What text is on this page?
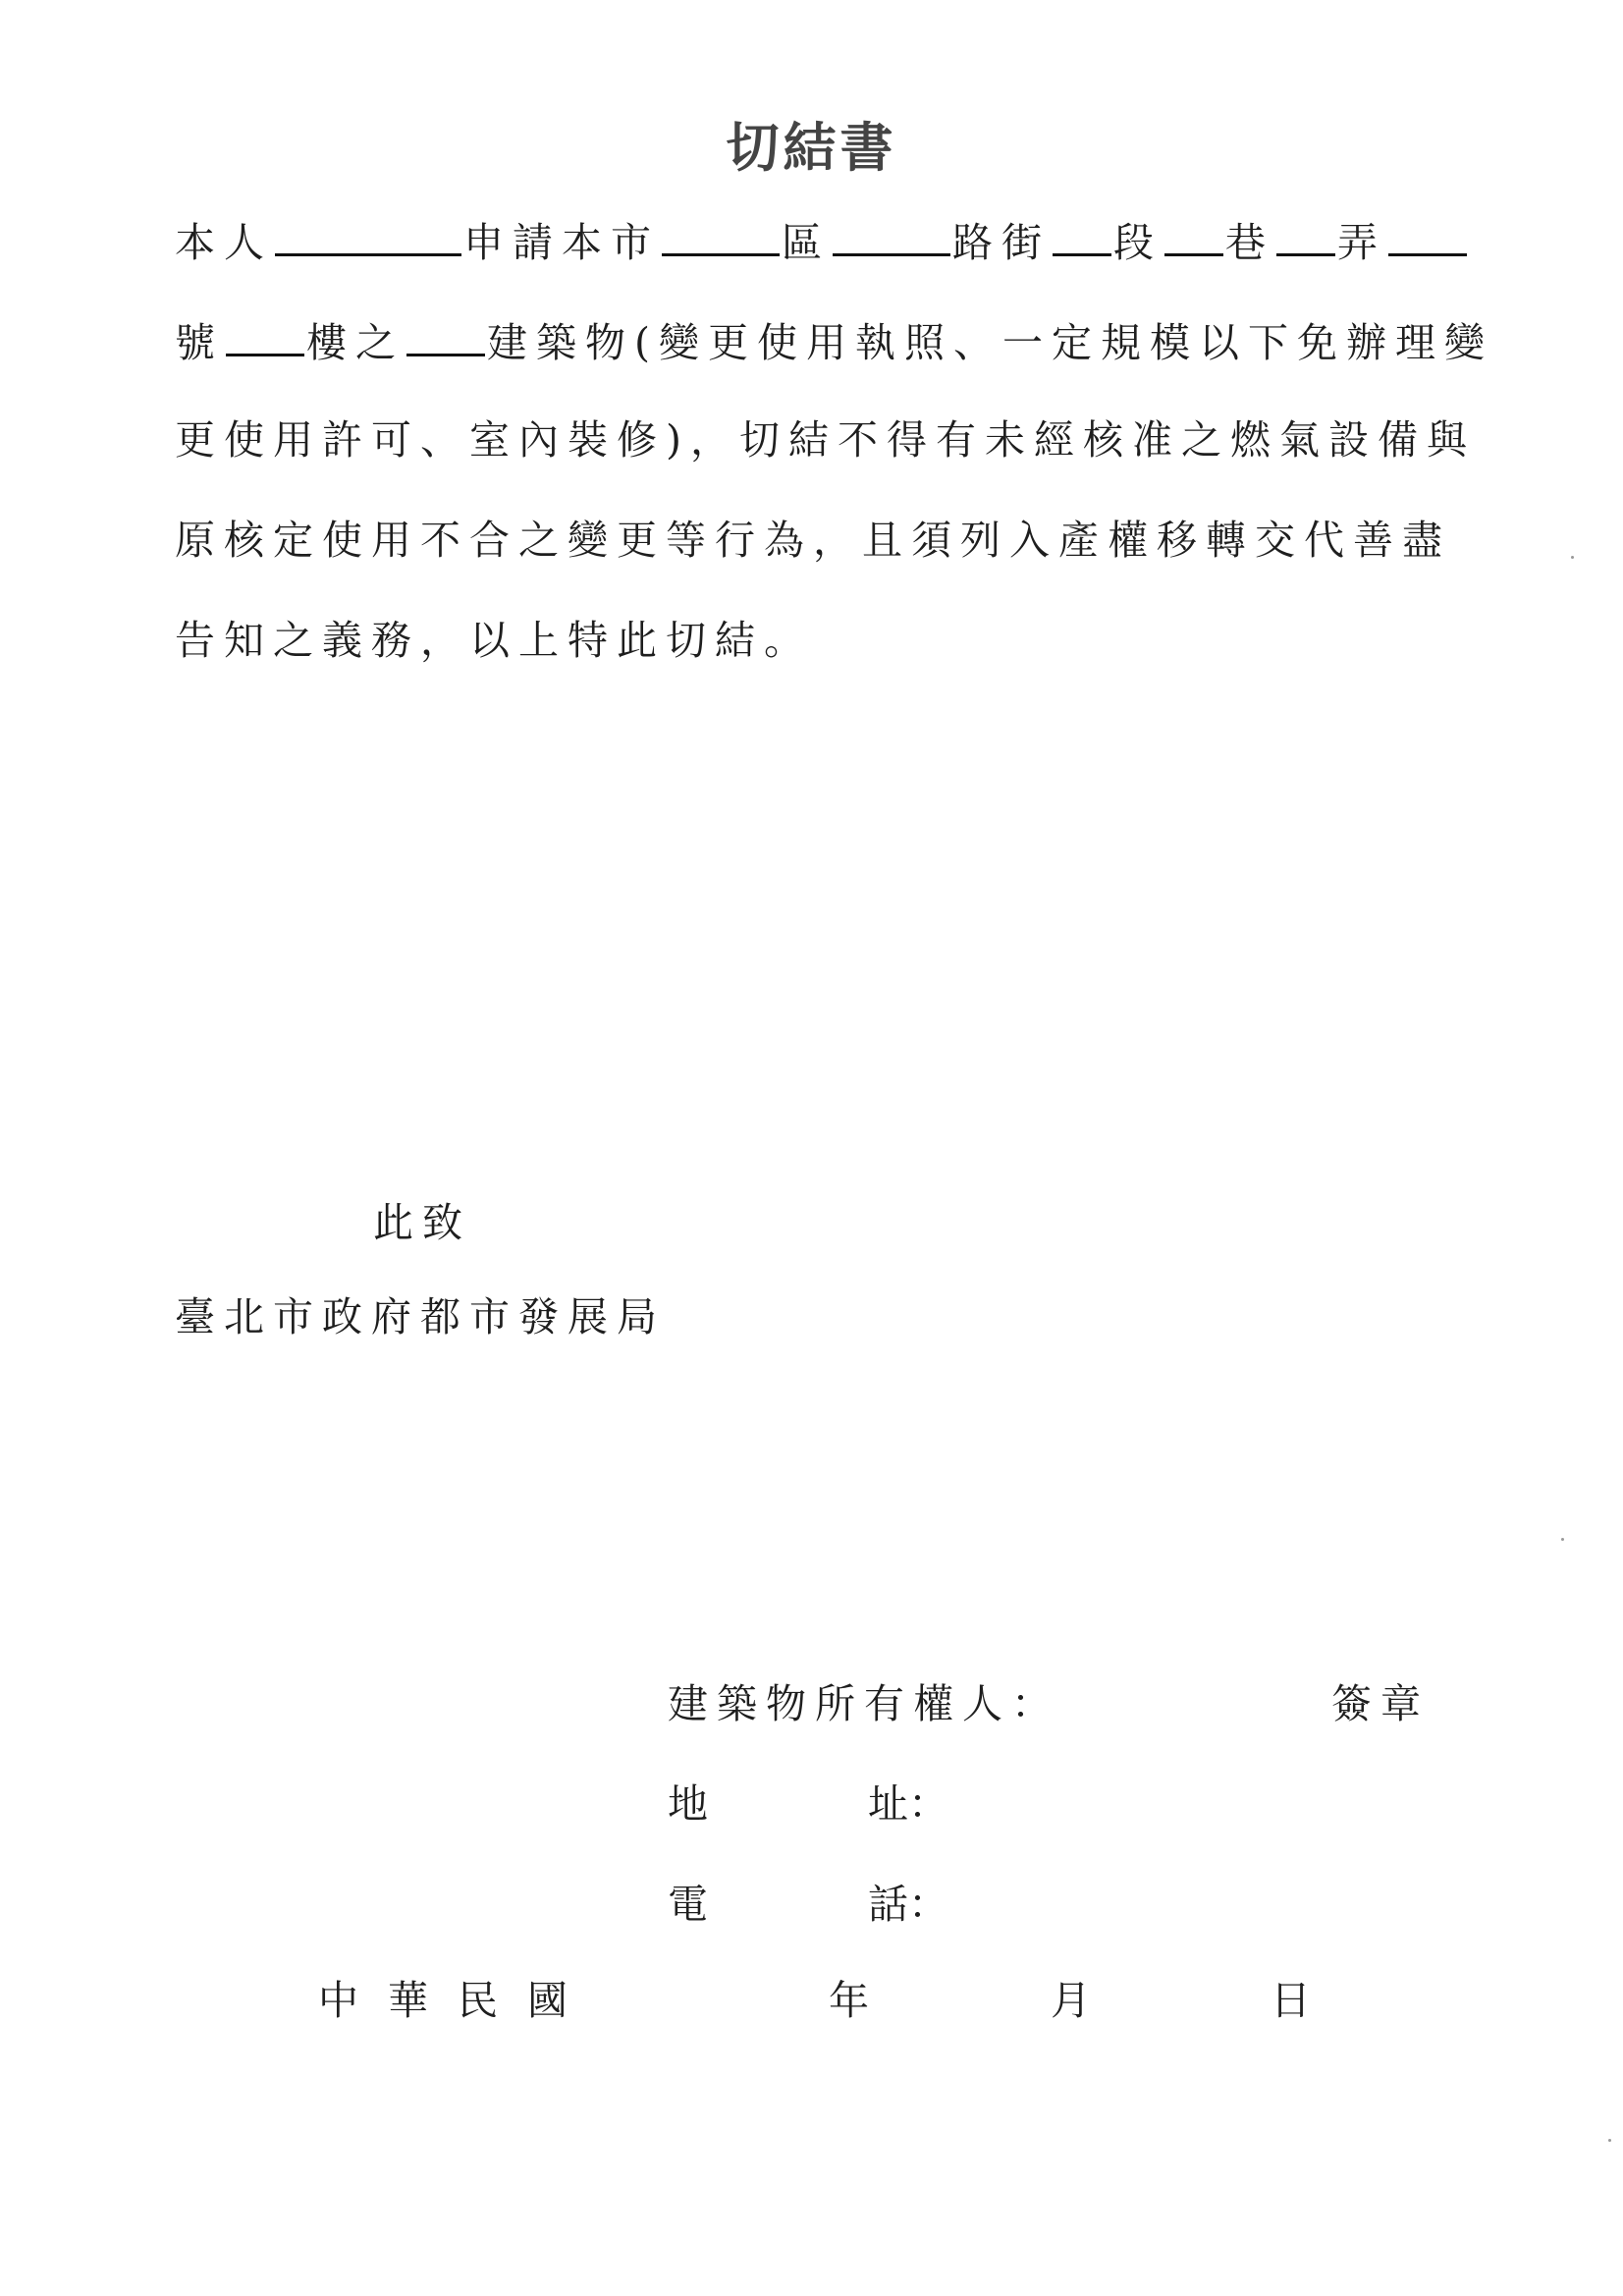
切結書
本人	申請本市	區	路街 段 巷 弄
號 樓之 建築物(變更使用執照、一定規模以下免辦理變
更使用許可、室內裝修)，切結不得有未經核准之燃氣設備與
原核定使用不合之變更等行為，且須列入產權移轉交代善盡
告知之義務，以上特此切結。
此致
臺北市政府都市發展局
建築物所有權人：	簽章
地	址：
電	話：
中華民國	年	月	日
